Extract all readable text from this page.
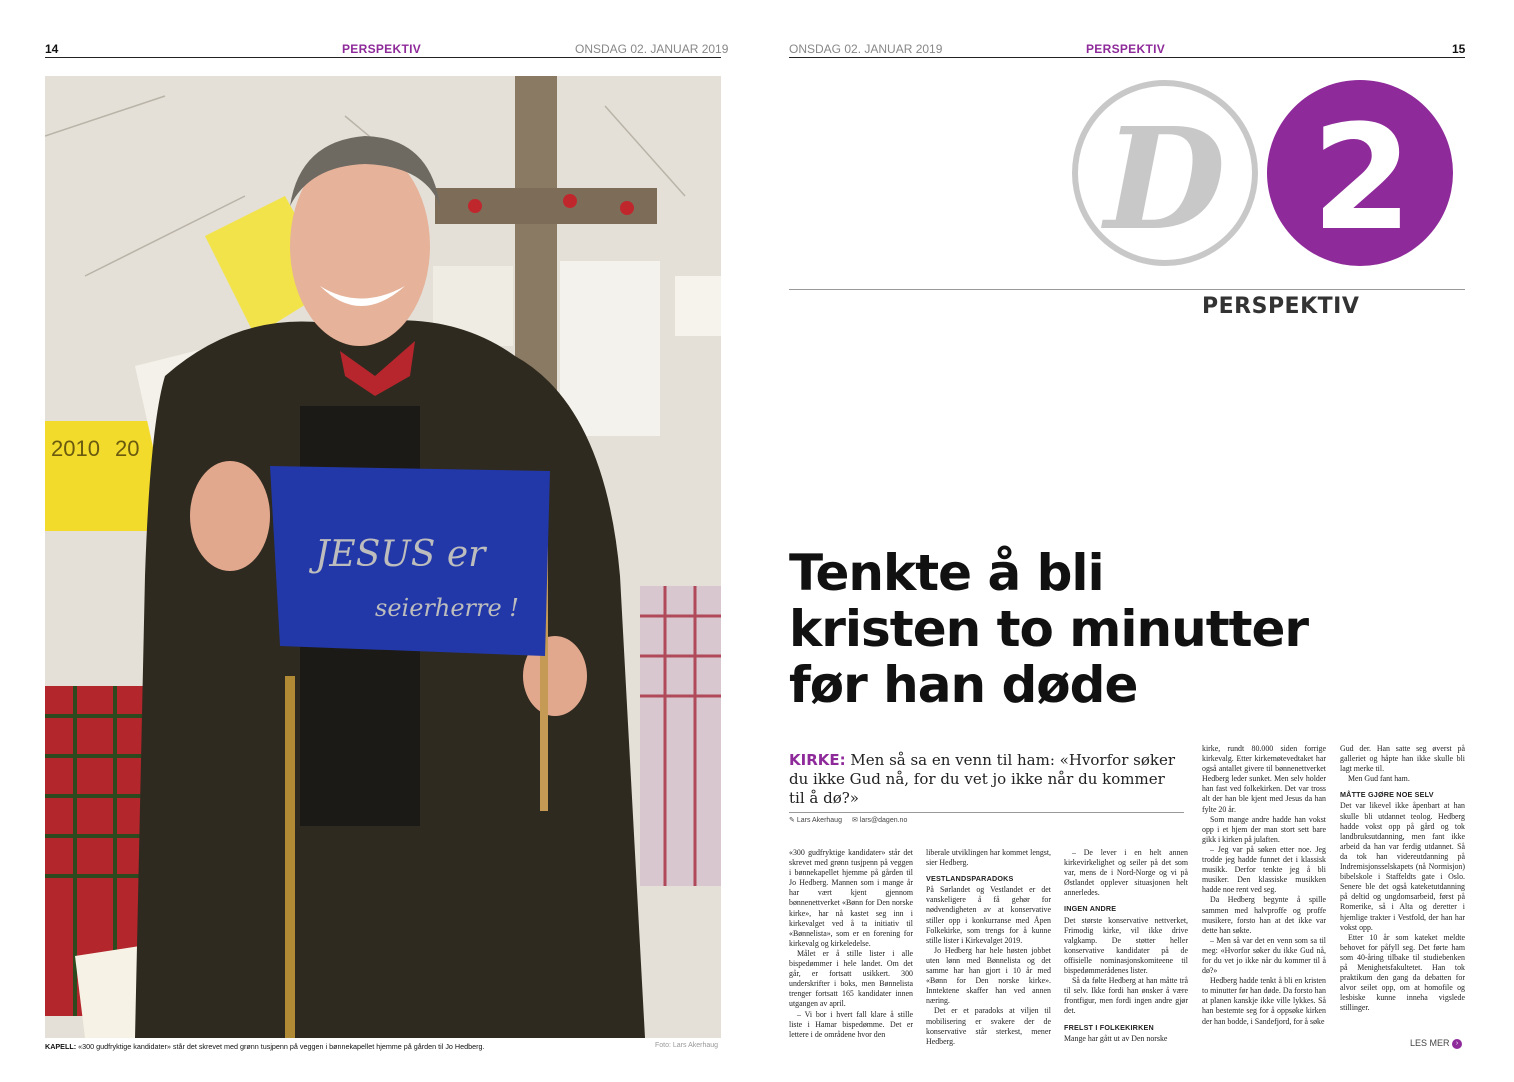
14	PERSPEKTIV	ONSDAG 02. JANUAR 2019
2010 20
JESUS er
seierherre !
KAPELL: «300 gudfryktige kandidater» står det skrevet med grønn tusjpenn på veggen i bønnekapellet hjemme på gården til Jo Hedberg.	Foto: Lars Akerhaug
ONSDAG 02. JANUAR 2019	PERSPEKTIV	15
D 2
PERSPEKTIV
Tenkte å bli
kristen to minutter
før han døde
KIRKE: Men så sa en venn til ham: «Hvorfor søker du ikke Gud nå, for du vet jo ikke når du kommer til å dø?»
✎ Lars Akerhaug ✉ lars@dagen.no

«300 gudfryktige kandidater» står det skrevet med grønn tusjpenn på veggen i bønnekapellet hjemme på gården til Jo Hedberg. Mannen som i mange år har vært kjent gjennom bønnenettverket «Bønn for Den norske kirke», har nå kastet seg inn i kirkevalget ved å ta initiativ til «Bønnelista», som er en forening for kirkevalg og kirkeledelse.

Målet er å stille lister i alle bispedømmer i hele landet. Om det går, er fortsatt usikkert. 300 underskrifter i boks, men Bønnelista trenger fortsatt 165 kandidater innen utgangen av april.

– Vi bor i hvert fall klare å stille liste i Hamar bispedømme. Det er lettere i de områdene hvor den

liberale utviklingen har kommet lengst, sier Hedberg.

VESTLANDSPARADOKS

På Sørlandet og Vestlandet er det vanskeligere å få gehør for nødvendigheten av at konservative stiller opp i konkurranse med Åpen Folkekirke, som trengs for å kunne stille lister i Kirkevalget 2019.

Jo Hedberg har hele høsten jobbet uten lønn med Bønnelista og det samme har han gjort i 10 år med «Bønn for Den norske kirke». Inntektene skaffer han ved annen næring.

Det er et paradoks at viljen til mobilisering er svakere der de konservative står sterkest, mener Hedberg.

– De lever i en helt annen kirkevirkelighet og seiler på det som var, mens de i Nord-Norge og vi på Østlandet opplever situasjonen helt annerledes.

INGEN ANDRE

Det største konservative nettverket, Frimodig kirke, vil ikke drive valgkamp. De støtter heller konservative kandidater på de offisielle nominasjonskomiteene til bispedømmerådenes lister.

Så da følte Hedberg at han måtte trå til selv. Ikke fordi han ønsker å være frontfigur, men fordi ingen andre gjør det.

FRELST I FOLKEKIRKEN

Mange har gått ut av Den norske

kirke, rundt 80.000 siden forrige kirkevalg. Etter kirkemøtevedtaket har også antallet givere til bønnenettverket Hedberg leder sunket. Men selv holder han fast ved folkekirken. Det var tross alt der han ble kjent med Jesus da han fylte 20 år.

Som mange andre hadde han vokst opp i et hjem der man stort sett bare gikk i kirken på julaften.

– Jeg var på søken etter noe. Jeg trodde jeg hadde funnet det i klassisk musikk. Derfor tenkte jeg å bli musiker. Den klassiske musikken hadde noe rent ved seg.

Da Hedberg begynte å spille sammen med halvproffe og proffe musikere, forsto han at det ikke var dette han søkte.

– Men så var det en venn som sa til meg: «Hvorfor søker du ikke Gud nå, for du vet jo ikke når du kommer til å dø?»

Hedberg hadde tenkt å bli en kristen to minutter før han døde. Da forsto han at planen kanskje ikke ville lykkes. Så han bestemte seg for å oppsøke kirken der han bodde, i Sandefjord, for å søke

Gud der. Han satte seg øverst på galleriet og håpte han ikke skulle bli lagt merke til.

Men Gud fant ham.

MÅTTE GJØRE NOE SELV

Det var likevel ikke åpenbart at han skulle bli utdannet teolog. Hedberg hadde vokst opp på gård og tok landbruksutdanning, men fant ikke arbeid da han var ferdig utdannet. Så da tok han videreutdanning på Indremisjonsselskapets (nå Normisjon) bibelskole i Staffeldts gate i Oslo. Senere ble det også kateketutdanning på deltid og ungdomsarbeid, først på Romerike, så i Alta og deretter i hjemlige trakter i Vestfold, der han har vokst opp.

Etter 10 år som kateket meldte behovet for påfyll seg. Det førte ham som 40-åring tilbake til studiebenken på Menighetsfakultetet. Han tok praktikum den gang da debatten for alvor seilet opp, om at homofile og lesbiske kunne inneha vigslede stillinger.

LES MER ›
